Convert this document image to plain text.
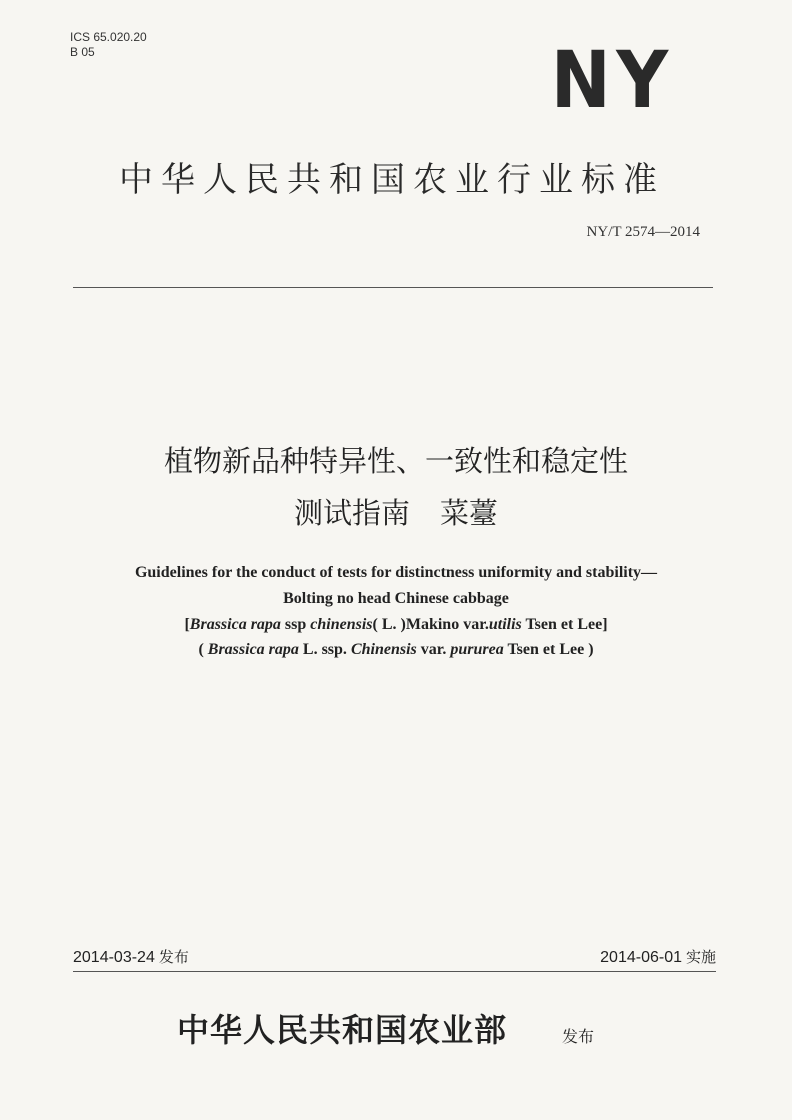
ICS 65.020.20
B 05	NY
中华人民共和国农业行业标准
NY/T 2574—2014
植物新品种特异性、一致性和稳定性
测试指南 菜薹
Guidelines for the conduct of tests for distinctness uniformity and stability—
Bolting no head Chinese cabbage
[Brassica rapa ssp chinensis( L. )Makino var.utilis Tsen et Lee]
( Brassica rapa L. ssp. Chinensis var. pururea Tsen et Lee )
2014-03-24 发布	2014-06-01 实施
中华人民共和国农业部	发布
